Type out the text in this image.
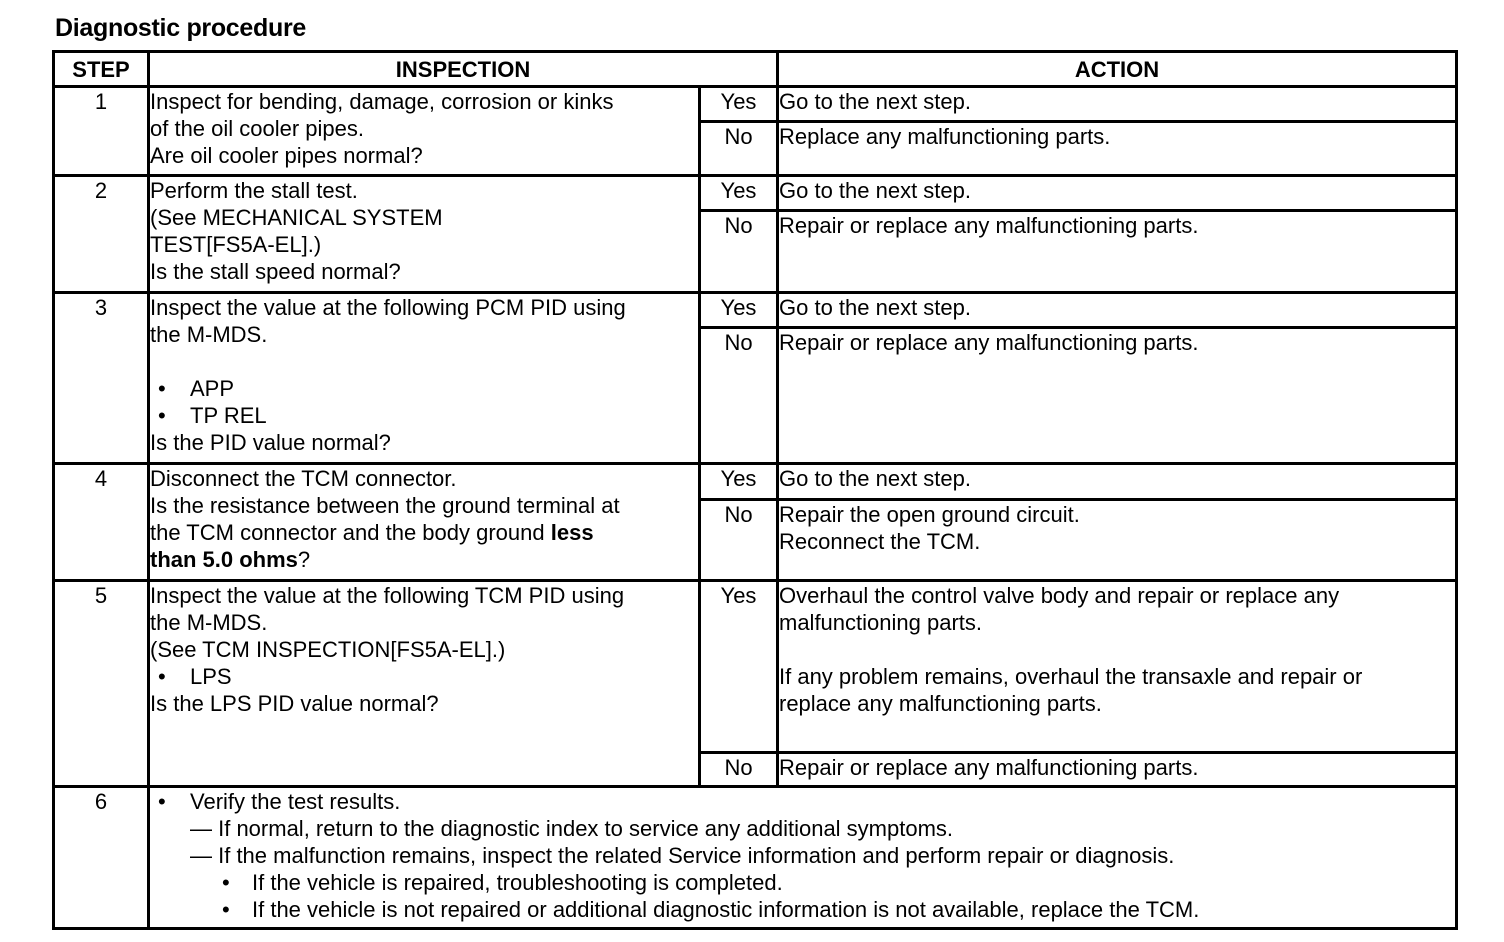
Diagnostic procedure
STEP	INSPECTION		ACTION
1	Inspect for bending, damage, corrosion or kinks
of the oil cooler pipes.
Are oil cooler pipes normal?	Yes	Go to the next step.

		No	Replace any malfunctioning parts.

2	Perform the stall test.
(See MECHANICAL SYSTEM
TEST[FS5A-EL].)
Is the stall speed normal?	Yes	Go to the next step.

		No	Repair or replace any malfunctioning parts.

3	Inspect the value at the following PCM PID using
the M-MDS.
• APP
• TP REL
Is the PID value normal?	Yes	Go to the next step.

		No	Repair or replace any malfunctioning parts.

4	Disconnect the TCM connector.
Is the resistance between the ground terminal at
the TCM connector and the body ground less
than 5.0 ohms?	Yes	Go to the next step.

		No	Repair the open ground circuit.
Reconnect the TCM.

5	Inspect the value at the following TCM PID using
the M-MDS.
(See TCM INSPECTION[FS5A-EL].)
• LPS
Is the LPS PID value normal?	Yes	Overhaul the control valve body and repair or replace any
malfunctioning parts.
If any problem remains, overhaul the transaxle and repair or
replace any malfunctioning parts.

		No	Repair or replace any malfunctioning parts.

6	• Verify the test results.
— If normal, return to the diagnostic index to service any additional symptoms.
— If the malfunction remains, inspect the related Service information and perform repair or diagnosis.
• If the vehicle is repaired, troubleshooting is completed.
• If the vehicle is not repaired or additional diagnostic information is not available, replace the TCM.		
